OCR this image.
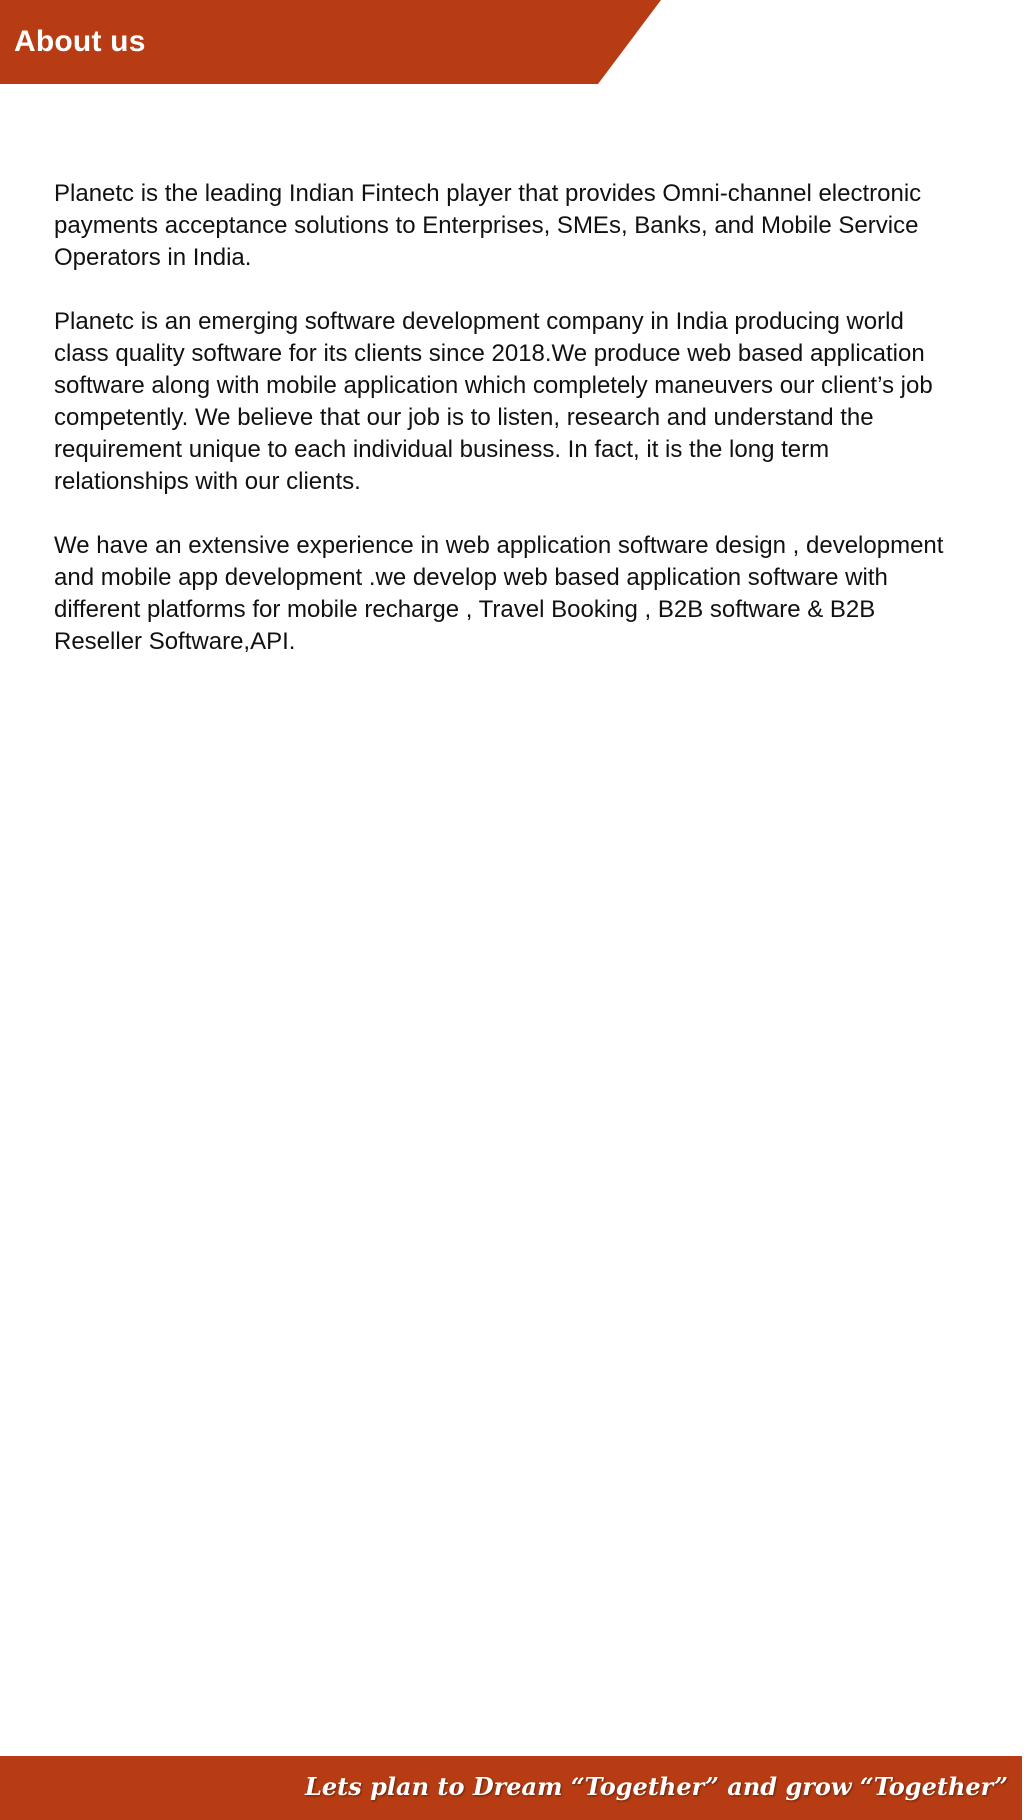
About us

Planetc is the leading Indian Fintech player that provides Omni-channel electronic payments acceptance solutions to Enterprises, SMEs, Banks, and Mobile Service Operators in India.

Planetc is an emerging software development company in India producing world class quality software for its clients since 2018.We produce web based application software along with mobile application which completely maneuvers our client’s job competently. We believe that our job is to listen, research and understand the requirement unique to each individual business. In fact, it is the long term relationships with our clients.

We have an extensive experience in web application software design , development and mobile app development .we develop web based application software with different platforms for mobile recharge , Travel Booking , B2B software & B2B Reseller Software,API.

Lets plan to Dream “Together” and grow “Together”
